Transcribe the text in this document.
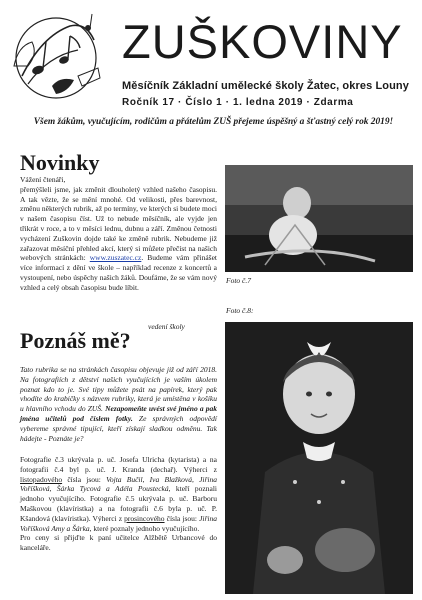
ZUŠKOVINY
Měsíčník Základní umělecké školy Žatec, okres Louny
Ročník 17 · Číslo 1 · 1. ledna 2019 · Zdarma
Všem žákům, vyučujícím, rodičům a přátelům ZUŠ přejeme úspěšný a šťastný celý rok 2019!
Novinky

Vážení čtenáři,

přemýšleli jsme, jak změnit dlouholetý vzhled našeho časopisu. A tak vězte, že se mění mnohé. Od velikosti, přes barevnost, změnu některých rubrik, až po termíny, ve kterých si budete moci v našem časopisu číst. Už to nebude měsíčník, ale vyjde jen třikrát v roce, a to v měsíci lednu, dubnu a září. Změnou četnosti vycházení Zuškovin dojde také ke změně rubrik. Nebudeme již zařazovat měsíční přehled akcí, který si můžete přečíst na našich webových stránkách: www.zuszatec.cz. Budeme vám přinášet více informací z dění ve škole – například recenze z koncertů a vystoupení, nebo úspěchy našich žáků. Doufáme, že se vám nový vzhled a celý obsah časopisu bude líbit.

vedení školy
Poznáš mě?
Tato rubrika se na stránkách časopisu objevuje již od září 2018. Na fotografiích z dětství našich vyučujících je vaším úkolem poznat kdo to je. Své tipy můžete psát na papírek, který pak vhodíte do krabičky s názvem rubriky, která je umístěna v košíku u hlavního vchodu do ZUŠ. Nezapomeňte uvést své jméno a pak jména učitelů pod čísłem fotky. Ze správných odpovědí vybereme správné tipující, kteří získají sladkou odměnu. Tak hádejte - Poznáte je?

Fotografie č.3 ukrývala p. uč. Josefa Ulricha (kytarista) a na fotografii č.4 byl p. uč. J. Kranda (dechař). Výherci z listopadového čísla jsou: Vojta Bučil, Iva Blažková, Jiřina Voříšková, Šárka Tycová a Adéla Poustecká, kteří poznali jednoho vyučujícího. Fotografie č.5 ukrývala p. uč. Barboru Maškovou (klavíristka) a na fotografii č.6 byla p. uč. P. Kšandová (klavíristka). Výherci z prosincového čísla jsou: Jiřina Voříšková Amy a Šárka, které poznaly jednoho vyučujícího.

Pro ceny si přijďte k paní učitelce Alžbětě Urbancové do kanceláře.

Foto č.7
Foto č.8:
